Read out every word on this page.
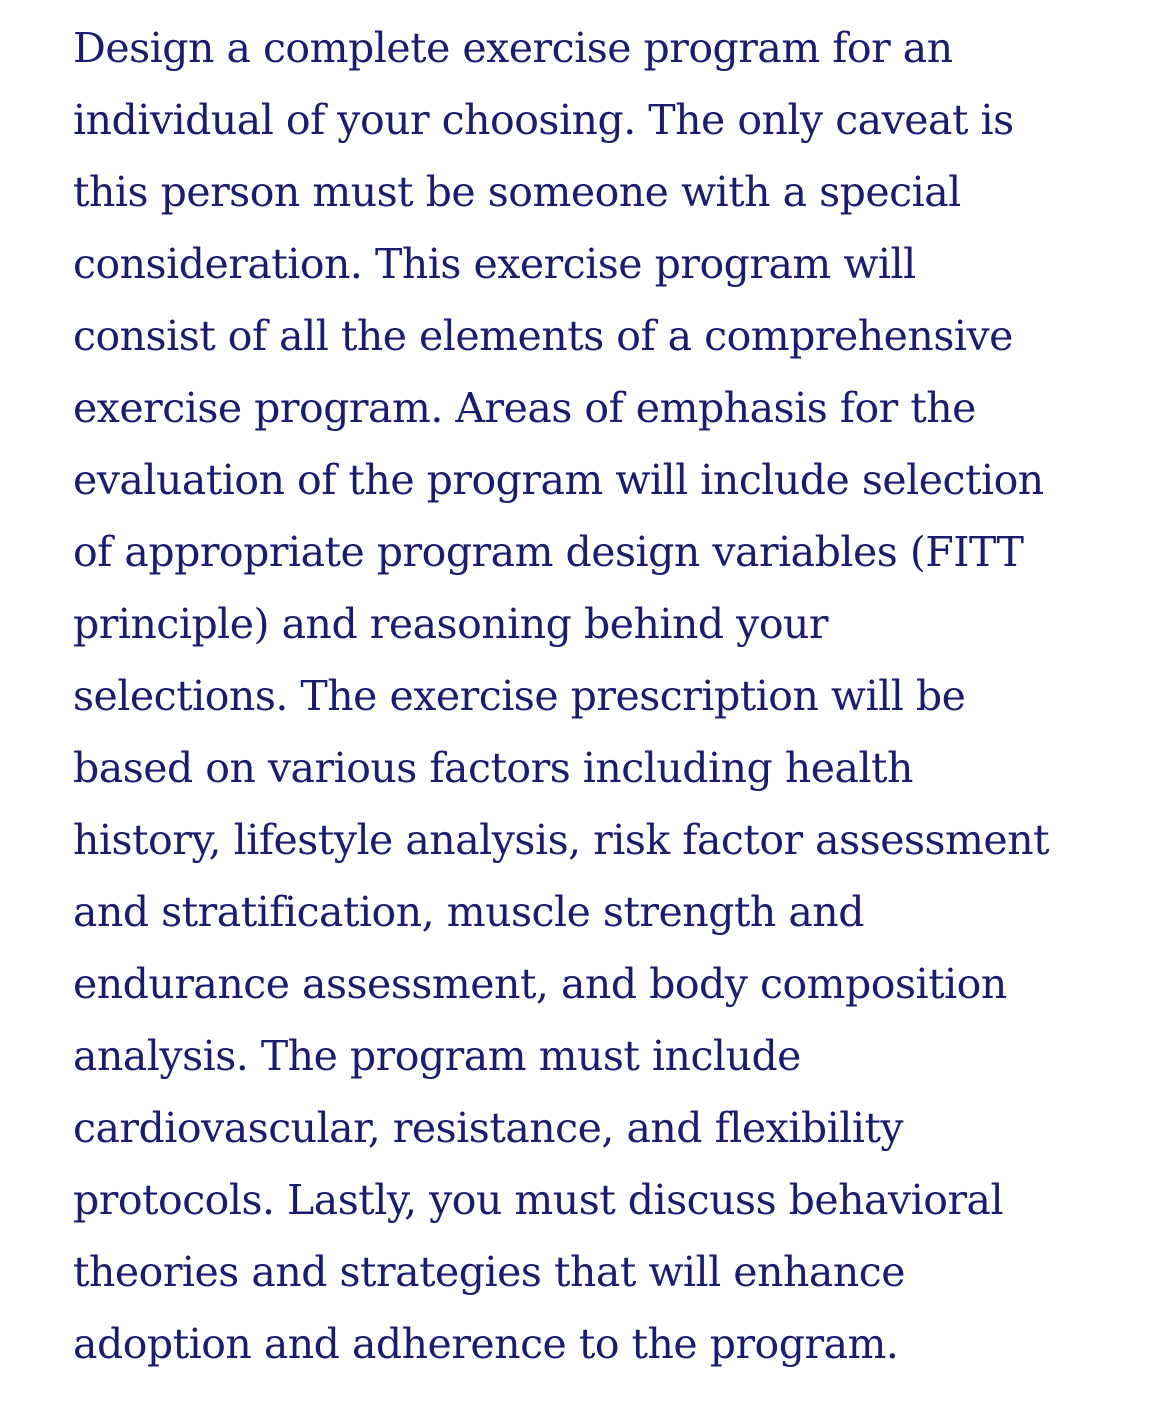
Design a complete exercise program for an
individual of your choosing. The only caveat is
this person must be someone with a special
consideration. This exercise program will
consist of all the elements of a comprehensive
exercise program. Areas of emphasis for the
evaluation of the program will include selection
of appropriate program design variables (FITT
principle) and reasoning behind your
selections. The exercise prescription will be
based on various factors including health
history, lifestyle analysis, risk factor assessment
and stratification, muscle strength and
endurance assessment, and body composition
analysis. The program must include
cardiovascular, resistance, and flexibility
protocols. Lastly, you must discuss behavioral
theories and strategies that will enhance
adoption and adherence to the program.
